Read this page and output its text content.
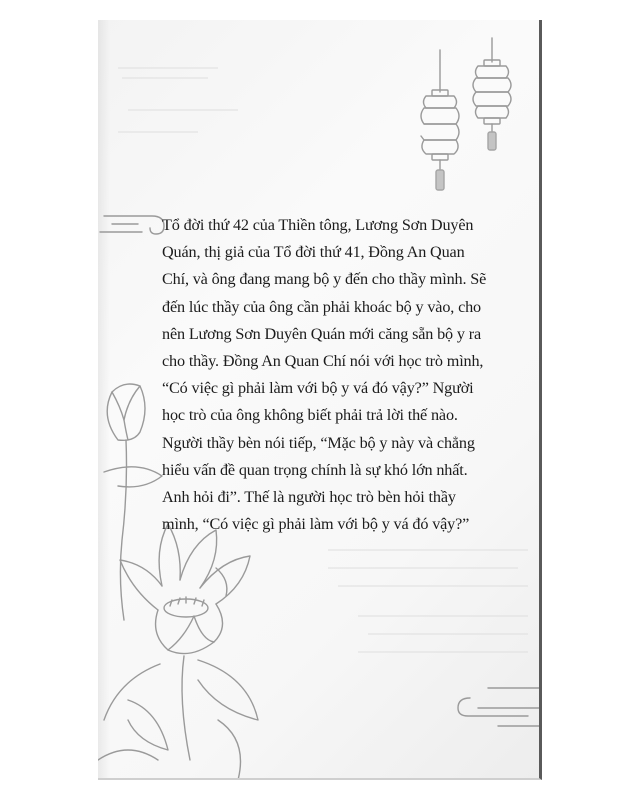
Tổ đời thứ 42 của Thiền tông, Lương Sơn Duyên
Quán, thị giả của Tổ đời thứ 41, Đồng An Quan
Chí, và ông đang mang bộ y đến cho thầy mình. Sẽ
đến lúc thầy của ông cần phải khoác bộ y vào, cho
nên Lương Sơn Duyên Quán mới căng sẵn bộ y ra
cho thầy. Đồng An Quan Chí nói với học trò mình,
“Có việc gì phải làm với bộ y vá đó vậy?” Người
học trò của ông không biết phải trả lời thế nào.
Người thầy bèn nói tiếp, “Mặc bộ y này và chẳng
hiểu vấn đề quan trọng chính là sự khó lớn nhất.
Anh hỏi đi”. Thế là người học trò bèn hỏi thầy
mình, “Có việc gì phải làm với bộ y vá đó vậy?”
